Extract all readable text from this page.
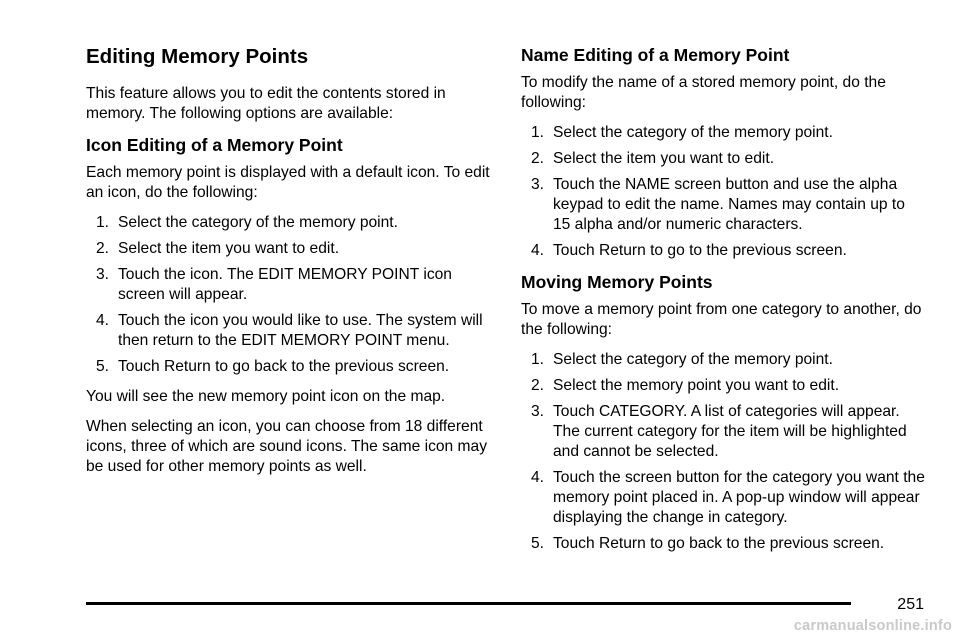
Editing Memory Points

This feature allows you to edit the contents stored in memory. The following options are available:

Icon Editing of a Memory Point

Each memory point is displayed with a default icon. To edit an icon, do the following:

1. Select the category of the memory point.
2. Select the item you want to edit.
3. Touch the icon. The EDIT MEMORY POINT icon screen will appear.
4. Touch the icon you would like to use. The system will then return to the EDIT MEMORY POINT menu.
5. Touch Return to go back to the previous screen.

You will see the new memory point icon on the map.

When selecting an icon, you can choose from 18 different icons, three of which are sound icons. The same icon may be used for other memory points as well.

Name Editing of a Memory Point

To modify the name of a stored memory point, do the following:

1. Select the category of the memory point.
2. Select the item you want to edit.
3. Touch the NAME screen button and use the alpha keypad to edit the name. Names may contain up to 15 alpha and/or numeric characters.
4. Touch Return to go to the previous screen.
Moving Memory Points

To move a memory point from one category to another, do the following:

1. Select the category of the memory point.
2. Select the memory point you want to edit.
3. Touch CATEGORY. A list of categories will appear. The current category for the item will be highlighted and cannot be selected.
4. Touch the screen button for the category you want the memory point placed in. A pop-up window will appear displaying the change in category.
5. Touch Return to go back to the previous screen.
251
carmanualsonline.info
